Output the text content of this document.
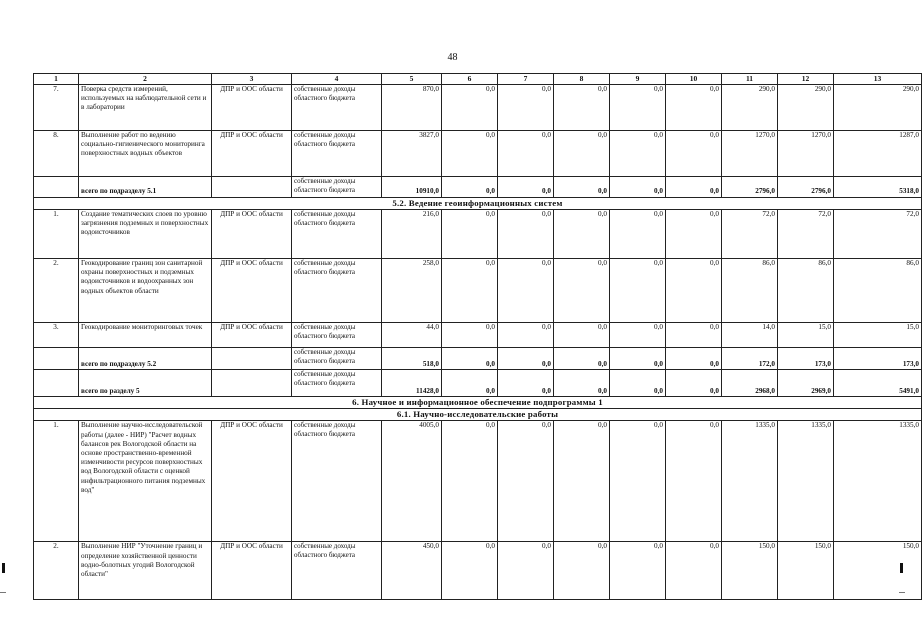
48
1	2	3	4	5	6	7	8	9	10	11	12	13
7.	Поверка средств измерений, используемых на наблюдательной сети и в лаборатории	ДПР и ООС области	собственные доходы областного бюджета	870,0	0,0	0,0	0,0	0,0	0,0	290,0	290,0	290,0
8.	Выполнение работ по ведению социально-гигиенического мониторинга поверхностных водных объектов	ДПР и ООС области	собственные доходы областного бюджета	3827,0	0,0	0,0	0,0	0,0	0,0	1270,0	1270,0	1287,0
	всего по подразделу 5.1		собственные доходы областного бюджета	10910,0	0,0	0,0	0,0	0,0	0,0	2796,0	2796,0	5318,0
5.2. Ведение геоинформационных систем												
1.	Создание тематических слоев по уровню загрязнения подземных и поверхностных водоисточников	ДПР и ООС области	собственные доходы областного бюджета	216,0	0,0	0,0	0,0	0,0	0,0	72,0	72,0	72,0
2.	Геокодирование границ зон санитарной охраны поверхностных и подземных водоисточников и водоохранных зон водных объектов области	ДПР и ООС области	собственные доходы областного бюджета	258,0	0,0	0,0	0,0	0,0	0,0	86,0	86,0	86,0
3.	Геокодирование мониторинговых точек	ДПР и ООС области	собственные доходы областного бюджета	44,0	0,0	0,0	0,0	0,0	0,0	14,0	15,0	15,0
	всего по подразделу 5.2		собственные доходы областного бюджета	518,0	0,0	0,0	0,0	0,0	0,0	172,0	173,0	173,0
	всего по разделу 5		собственные доходы областного бюджета	11428,0	0,0	0,0	0,0	0,0	0,0	2968,0	2969,0	5491,0
6. Научное и информационное обеспечение подпрограммы 1												
6.1. Научно-исследовательские работы												
1.	Выполнение научно-исследовательской работы (далее - НИР) "Расчет водных балансов рек Вологодской области на основе пространственно-временной изменчивости ресурсов поверхностных вод Вологодской области с оценкой инфильтрационного питания подземных вод"	ДПР и ООС области	собственные доходы областного бюджета	4005,0	0,0	0,0	0,0	0,0	0,0	1335,0	1335,0	1335,0
2.	Выполнение НИР "Уточнение границ и определение хозяйственной ценности водно-болотных угодий Вологодской области"	ДПР и ООС области	собственные доходы областного бюджета	450,0	0,0	0,0	0,0	0,0	0,0	150,0	150,0	150,0
